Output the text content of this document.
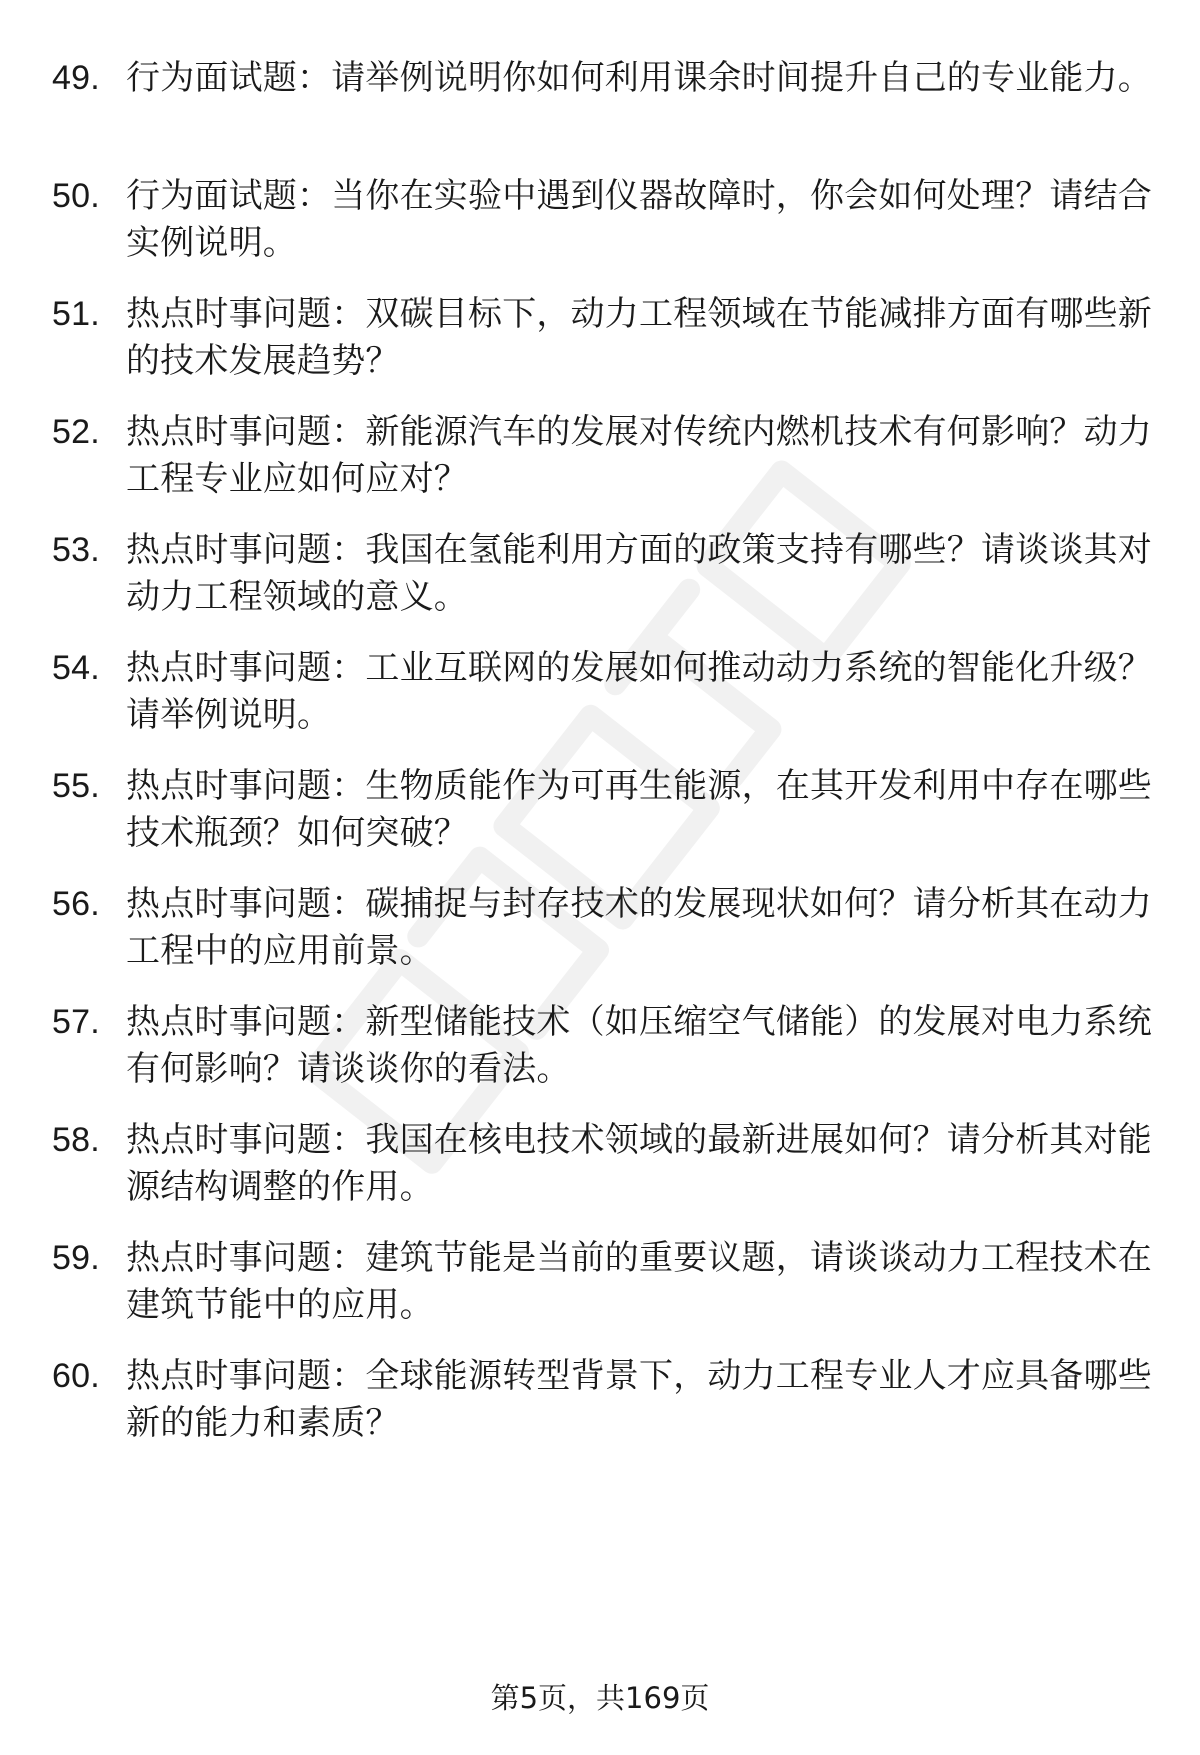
49. 行为面试题：请举例说明你如何利用课余时间提升自己的专业能力。
50. 行为面试题：当你在实验中遇到仪器故障时，你会如何处理？请结合实例说明。
51. 热点时事问题：双碳目标下，动力工程领域在节能减排方面有哪些新的技术发展趋势？
52. 热点时事问题：新能源汽车的发展对传统内燃机技术有何影响？动力工程专业应如何应对？
53. 热点时事问题：我国在氢能利用方面的政策支持有哪些？请谈谈其对动力工程领域的意义。
54. 热点时事问题：工业互联网的发展如何推动动力系统的智能化升级？请举例说明。
55. 热点时事问题：生物质能作为可再生能源，在其开发利用中存在哪些技术瓶颈？如何突破？
56. 热点时事问题：碳捕捉与封存技术的发展现状如何？请分析其在动力工程中的应用前景。
57. 热点时事问题：新型储能技术（如压缩空气储能）的发展对电力系统有何影响？请谈谈你的看法。
58. 热点时事问题：我国在核电技术领域的最新进展如何？请分析其对能源结构调整的作用。
59. 热点时事问题：建筑节能是当前的重要议题，请谈谈动力工程技术在建筑节能中的应用。
60. 热点时事问题：全球能源转型背景下，动力工程专业人才应具备哪些新的能力和素质？
第5页，共169页
